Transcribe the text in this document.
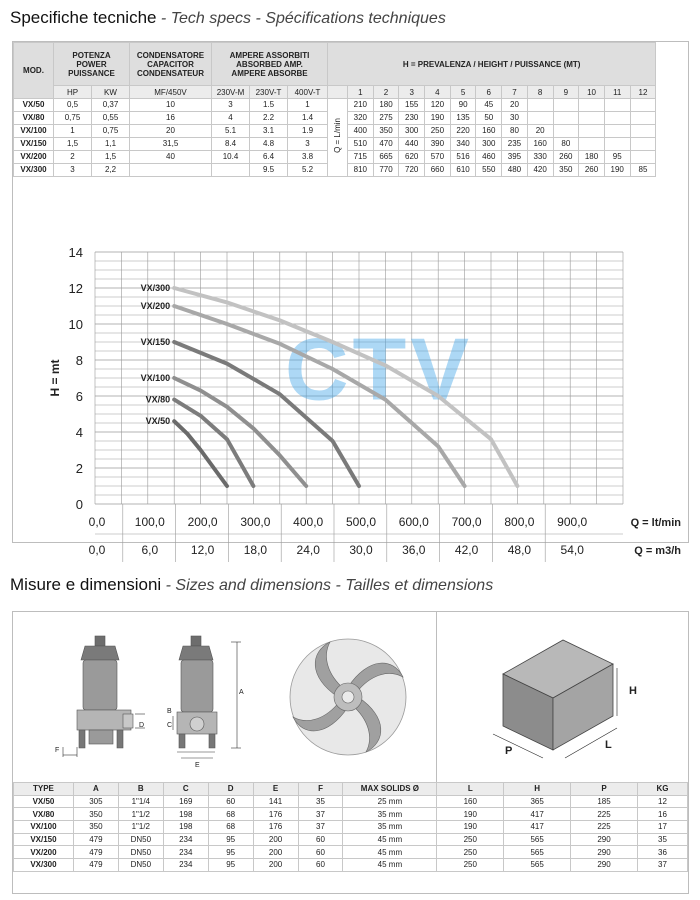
Specifiche tecniche - Tech specs - Spécifications techniques
MOD.	POTENZA
POWER
PUISSANCE		CONDENSATORE
CAPACITOR
CONDENSATEUR	AMPERE ASSORBITI
ABSORBED AMP.
AMPERE ABSORBE			H = PREVALENZA / HEIGHT / PUISSANCE (MT)												
	HP	KW	MF/450V	230V-M	230V-T	400V-T		1	2	3	4	5	6	7	8	9	10	11	12
VX/50	0,5	0,37	10	3	1.5	1	Q = L/min	210	180	155	120	90	45	20					
VX/80	0,75	0,55	16	4	2.2	1.4		320	275	230	190	135	50	30					
VX/100	1	0,75	20	5.1	3.1	1.9		400	350	300	250	220	160	80	20				
VX/150	1,5	1,1	31,5	8.4	4.8	3		510	470	440	390	340	300	235	160	80			
VX/200	2	1,5	40	10.4	6.4	3.8		715	665	620	570	516	460	395	330	260	180	95	
VX/300	3	2,2			9.5	5.2		810	770	720	660	610	550	480	420	350	260	190	85
CTV
VX/300
VX/200
VX/150
VX/100
VX/80
VX/50
0
2
4
6
8
10
12
14
H = mt
0,0
0,0
100,0
6,0
200,0
12,0
300,0
18,0
400,0
24,0
500,0
30,0
600,0
36,0
700,0
42,0
800,0
48,0
900,0
54,0
Q = lt/min
Q = m3/h
Misure e dimensioni - Sizes and dimensions - Tailles et dimensions
F
D
A
B
C
E
H
P	L
TYPE	A	B	C	D	E	F	MAX SOLIDS Ø	L	H	P	KG
VX/50	305	1"1/4	169	60	141	35	25 mm	160	365	185	12
VX/80	350	1"1/2	198	68	176	37	35 mm	190	417	225	16
VX/100	350	1"1/2	198	68	176	37	35 mm	190	417	225	17
VX/150	479	DN50	234	95	200	60	45 mm	250	565	290	35
VX/200	479	DN50	234	95	200	60	45 mm	250	565	290	36
VX/300	479	DN50	234	95	200	60	45 mm	250	565	290	37
